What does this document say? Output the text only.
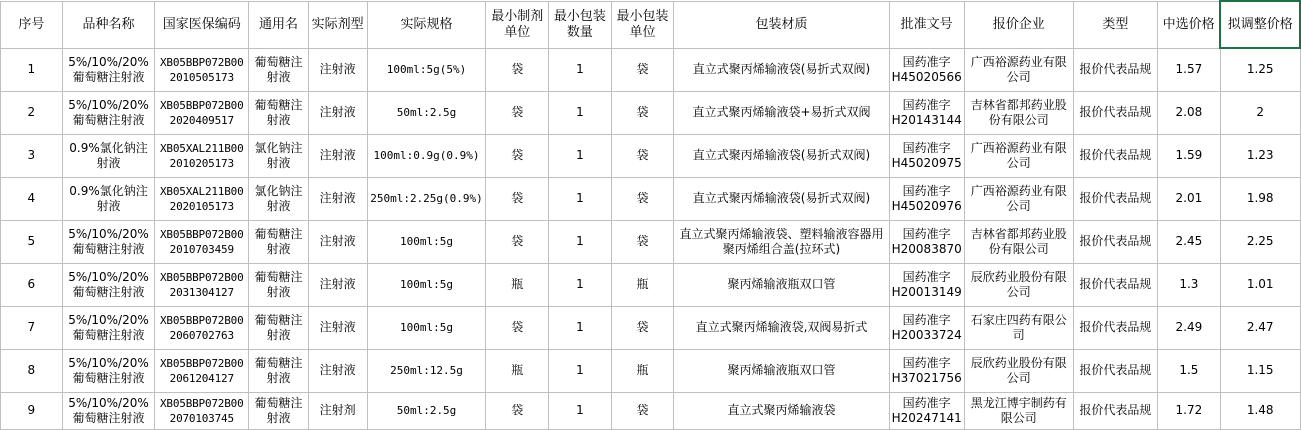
序号	品种名称	国家医保编码	通用名	实际剂型	实际规格	最小制剂单位	最小包装数量	最小包装单位	包装材质	批准文号	报价企业	类型	中选价格	拟调整价格
1	5%/10%/20%葡萄糖注射液	XB05BBP072B002010505173	葡萄糖注射液	注射液	100ml:5g(5%)	袋	1	袋	直立式聚丙烯输液袋(易折式双阀)	国药准字H45020566	广西裕源药业有限公司	报价代表品规	1.57	1.25
2	5%/10%/20%葡萄糖注射液	XB05BBP072B002020409517	葡萄糖注射液	注射液	50ml:2.5g	袋	1	袋	直立式聚丙烯输液袋+易折式双阀	国药准字H20143144	吉林省都邦药业股份有限公司	报价代表品规	2.08	2
3	0.9%氯化钠注射液	XB05XAL211B002010205173	氯化钠注射液	注射液	100ml:0.9g(0.9%)	袋	1	袋	直立式聚丙烯输液袋(易折式双阀)	国药准字H45020975	广西裕源药业有限公司	报价代表品规	1.59	1.23
4	0.9%氯化钠注射液	XB05XAL211B002020105173	氯化钠注射液	注射液	250ml:2.25g(0.9%)	袋	1	袋	直立式聚丙烯输液袋(易折式双阀)	国药准字H45020976	广西裕源药业有限公司	报价代表品规	2.01	1.98
5	5%/10%/20%葡萄糖注射液	XB05BBP072B002010703459	葡萄糖注射液	注射液	100ml:5g	袋	1	袋	直立式聚丙烯输液袋、塑料输液容器用聚丙烯组合盖(拉环式)	国药准字H20083870	吉林省都邦药业股份有限公司	报价代表品规	2.45	2.25
6	5%/10%/20%葡萄糖注射液	XB05BBP072B002031304127	葡萄糖注射液	注射液	100ml:5g	瓶	1	瓶	聚丙烯输液瓶双口管	国药准字H20013149	辰欣药业股份有限公司	报价代表品规	1.3	1.01
7	5%/10%/20%葡萄糖注射液	XB05BBP072B002060702763	葡萄糖注射液	注射液	100ml:5g	袋	1	袋	直立式聚丙烯输液袋,双阀易折式	国药准字H20033724	石家庄四药有限公司	报价代表品规	2.49	2.47
8	5%/10%/20%葡萄糖注射液	XB05BBP072B002061204127	葡萄糖注射液	注射液	250ml:12.5g	瓶	1	瓶	聚丙烯输液瓶双口管	国药准字H37021756	辰欣药业股份有限公司	报价代表品规	1.5	1.15
9	5%/10%/20%葡萄糖注射液	XB05BBP072B002070103745	葡萄糖注射液	注射剂	50ml:2.5g	袋	1	袋	直立式聚丙烯输液袋	国药准字H20247141	黑龙江博宇制药有限公司	报价代表品规	1.72	1.48
